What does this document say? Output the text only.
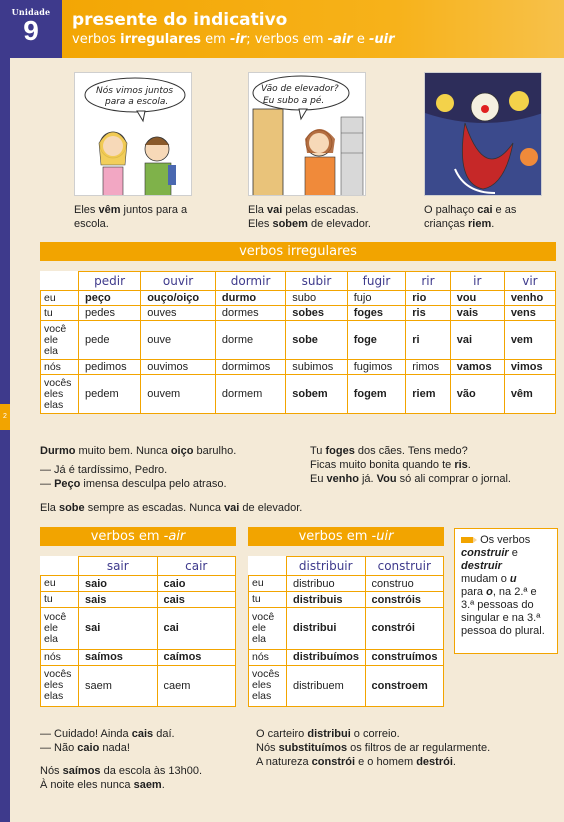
Unidade
9	presente do indicativo
verbos irregulares em -ir; verbos em -air e -uir
2
Nós vimos juntos
para a escola.
Vão de elevador?
Eu subo a pé.
Eles vêm juntos para a escola.
Ela vai pelas escadas.
Eles sobem de elevador.
O palhaço cai e as
crianças riem.
verbos irregulares
	pedir	ouvir	dormir	subir	fugir	rir	ir	vir

eu	peço	ouço/oiço	durmo	subo	fujo	rio	vou	venho

tu	pedes	ouves	dormes	sobes	foges	ris	vais	vens

você
ele
ela	pede	ouve	dorme	sobe	foge	ri	vai	vem

nós	pedimos	ouvimos	dormimos	subimos	fugimos	rimos	vamos	vimos

vocês
eles
elas	pedem	ouvem	dormem	sobem	fogem	riem	vão	vêm
Durmo muito bem. Nunca oiço barulho.
— Já é tardíssimo, Pedro.
— Peço imensa desculpa pelo atraso.
Ela sobe sempre as escadas. Nunca vai de elevador.
Tu foges dos cães. Tens medo?
Ficas muito bonita quando te ris.
Eu venho já. Vou só ali comprar o jornal.
verbos em -air
	sair	cair

eu	saio	caio

tu	sais	cais

você
ele
ela	sai	cai

nós	saímos	caímos

vocês
eles
elas	saem	caem
verbos em -uir
	distribuir	construir

eu	distribuo	construo

tu	distribuis	constróis

você
ele
ela	distribui	constrói

nós	distribuímos	construímos

vocês
eles
elas	distribuem	constroem
Os verbos
construir e
destruir
mudam o u
para o, na 2.ª e
3.ª pessoas do
singular e na 3.ª
pessoa do plural.
— Cuidado! Ainda cais daí.
— Não caio nada!
Nós saímos da escola às 13h00.
À noite eles nunca saem.
O carteiro distribui o correio.
Nós substituímos os filtros de ar regularmente.
A natureza constrói e o homem destrói.
